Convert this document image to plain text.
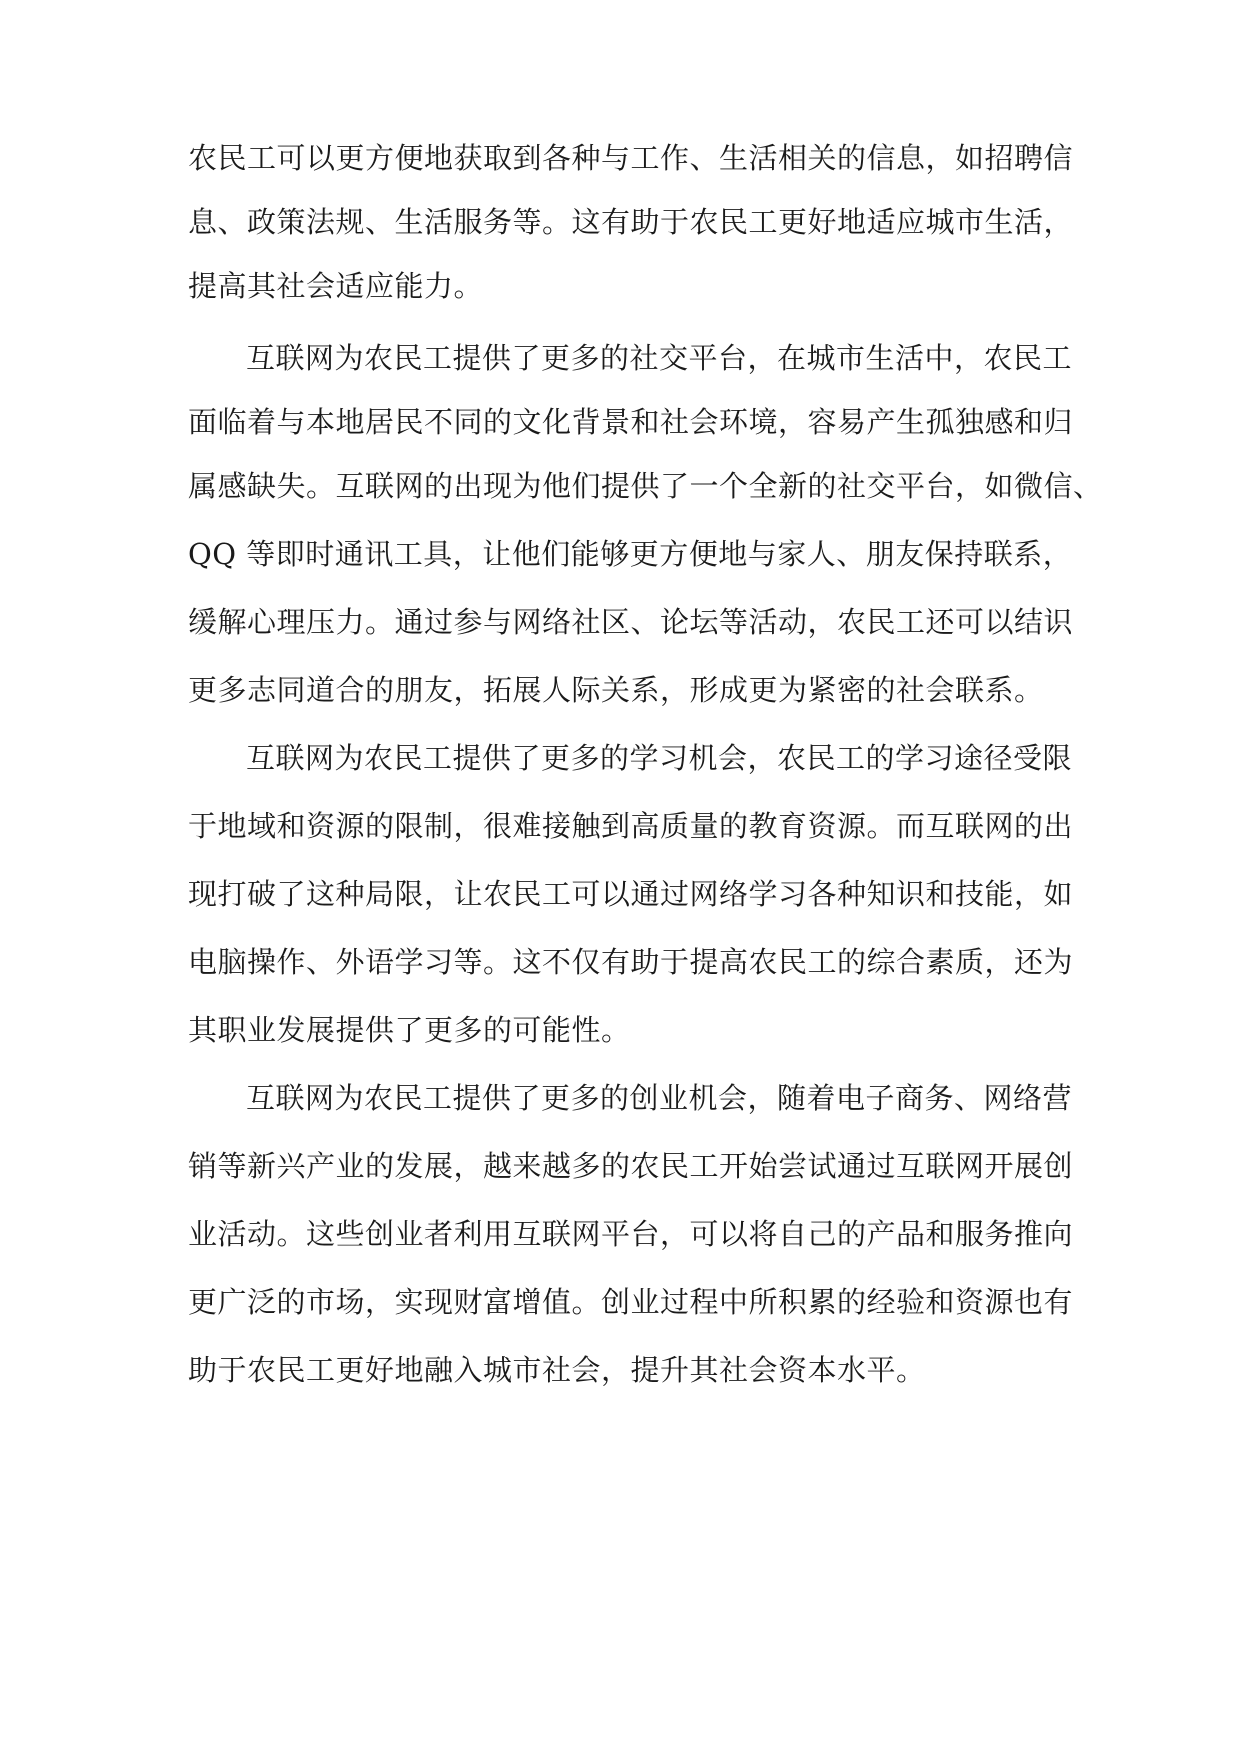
农民工可以更方便地获取到各种与工作、生活相关的信息，如招聘信
息、政策法规、生活服务等。这有助于农民工更好地适应城市生活，
提高其社会适应能力。
互联网为农民工提供了更多的社交平台，在城市生活中，农民工
面临着与本地居民不同的文化背景和社会环境，容易产生孤独感和归
属感缺失。互联网的出现为他们提供了一个全新的社交平台，如微信、
QQ 等即时通讯工具，让他们能够更方便地与家人、朋友保持联系，
缓解心理压力。通过参与网络社区、论坛等活动，农民工还可以结识
更多志同道合的朋友，拓展人际关系，形成更为紧密的社会联系。
互联网为农民工提供了更多的学习机会，农民工的学习途径受限
于地域和资源的限制，很难接触到高质量的教育资源。而互联网的出
现打破了这种局限，让农民工可以通过网络学习各种知识和技能，如
电脑操作、外语学习等。这不仅有助于提高农民工的综合素质，还为
其职业发展提供了更多的可能性。
互联网为农民工提供了更多的创业机会，随着电子商务、网络营
销等新兴产业的发展，越来越多的农民工开始尝试通过互联网开展创
业活动。这些创业者利用互联网平台，可以将自己的产品和服务推向
更广泛的市场，实现财富增值。创业过程中所积累的经验和资源也有
助于农民工更好地融入城市社会，提升其社会资本水平。
